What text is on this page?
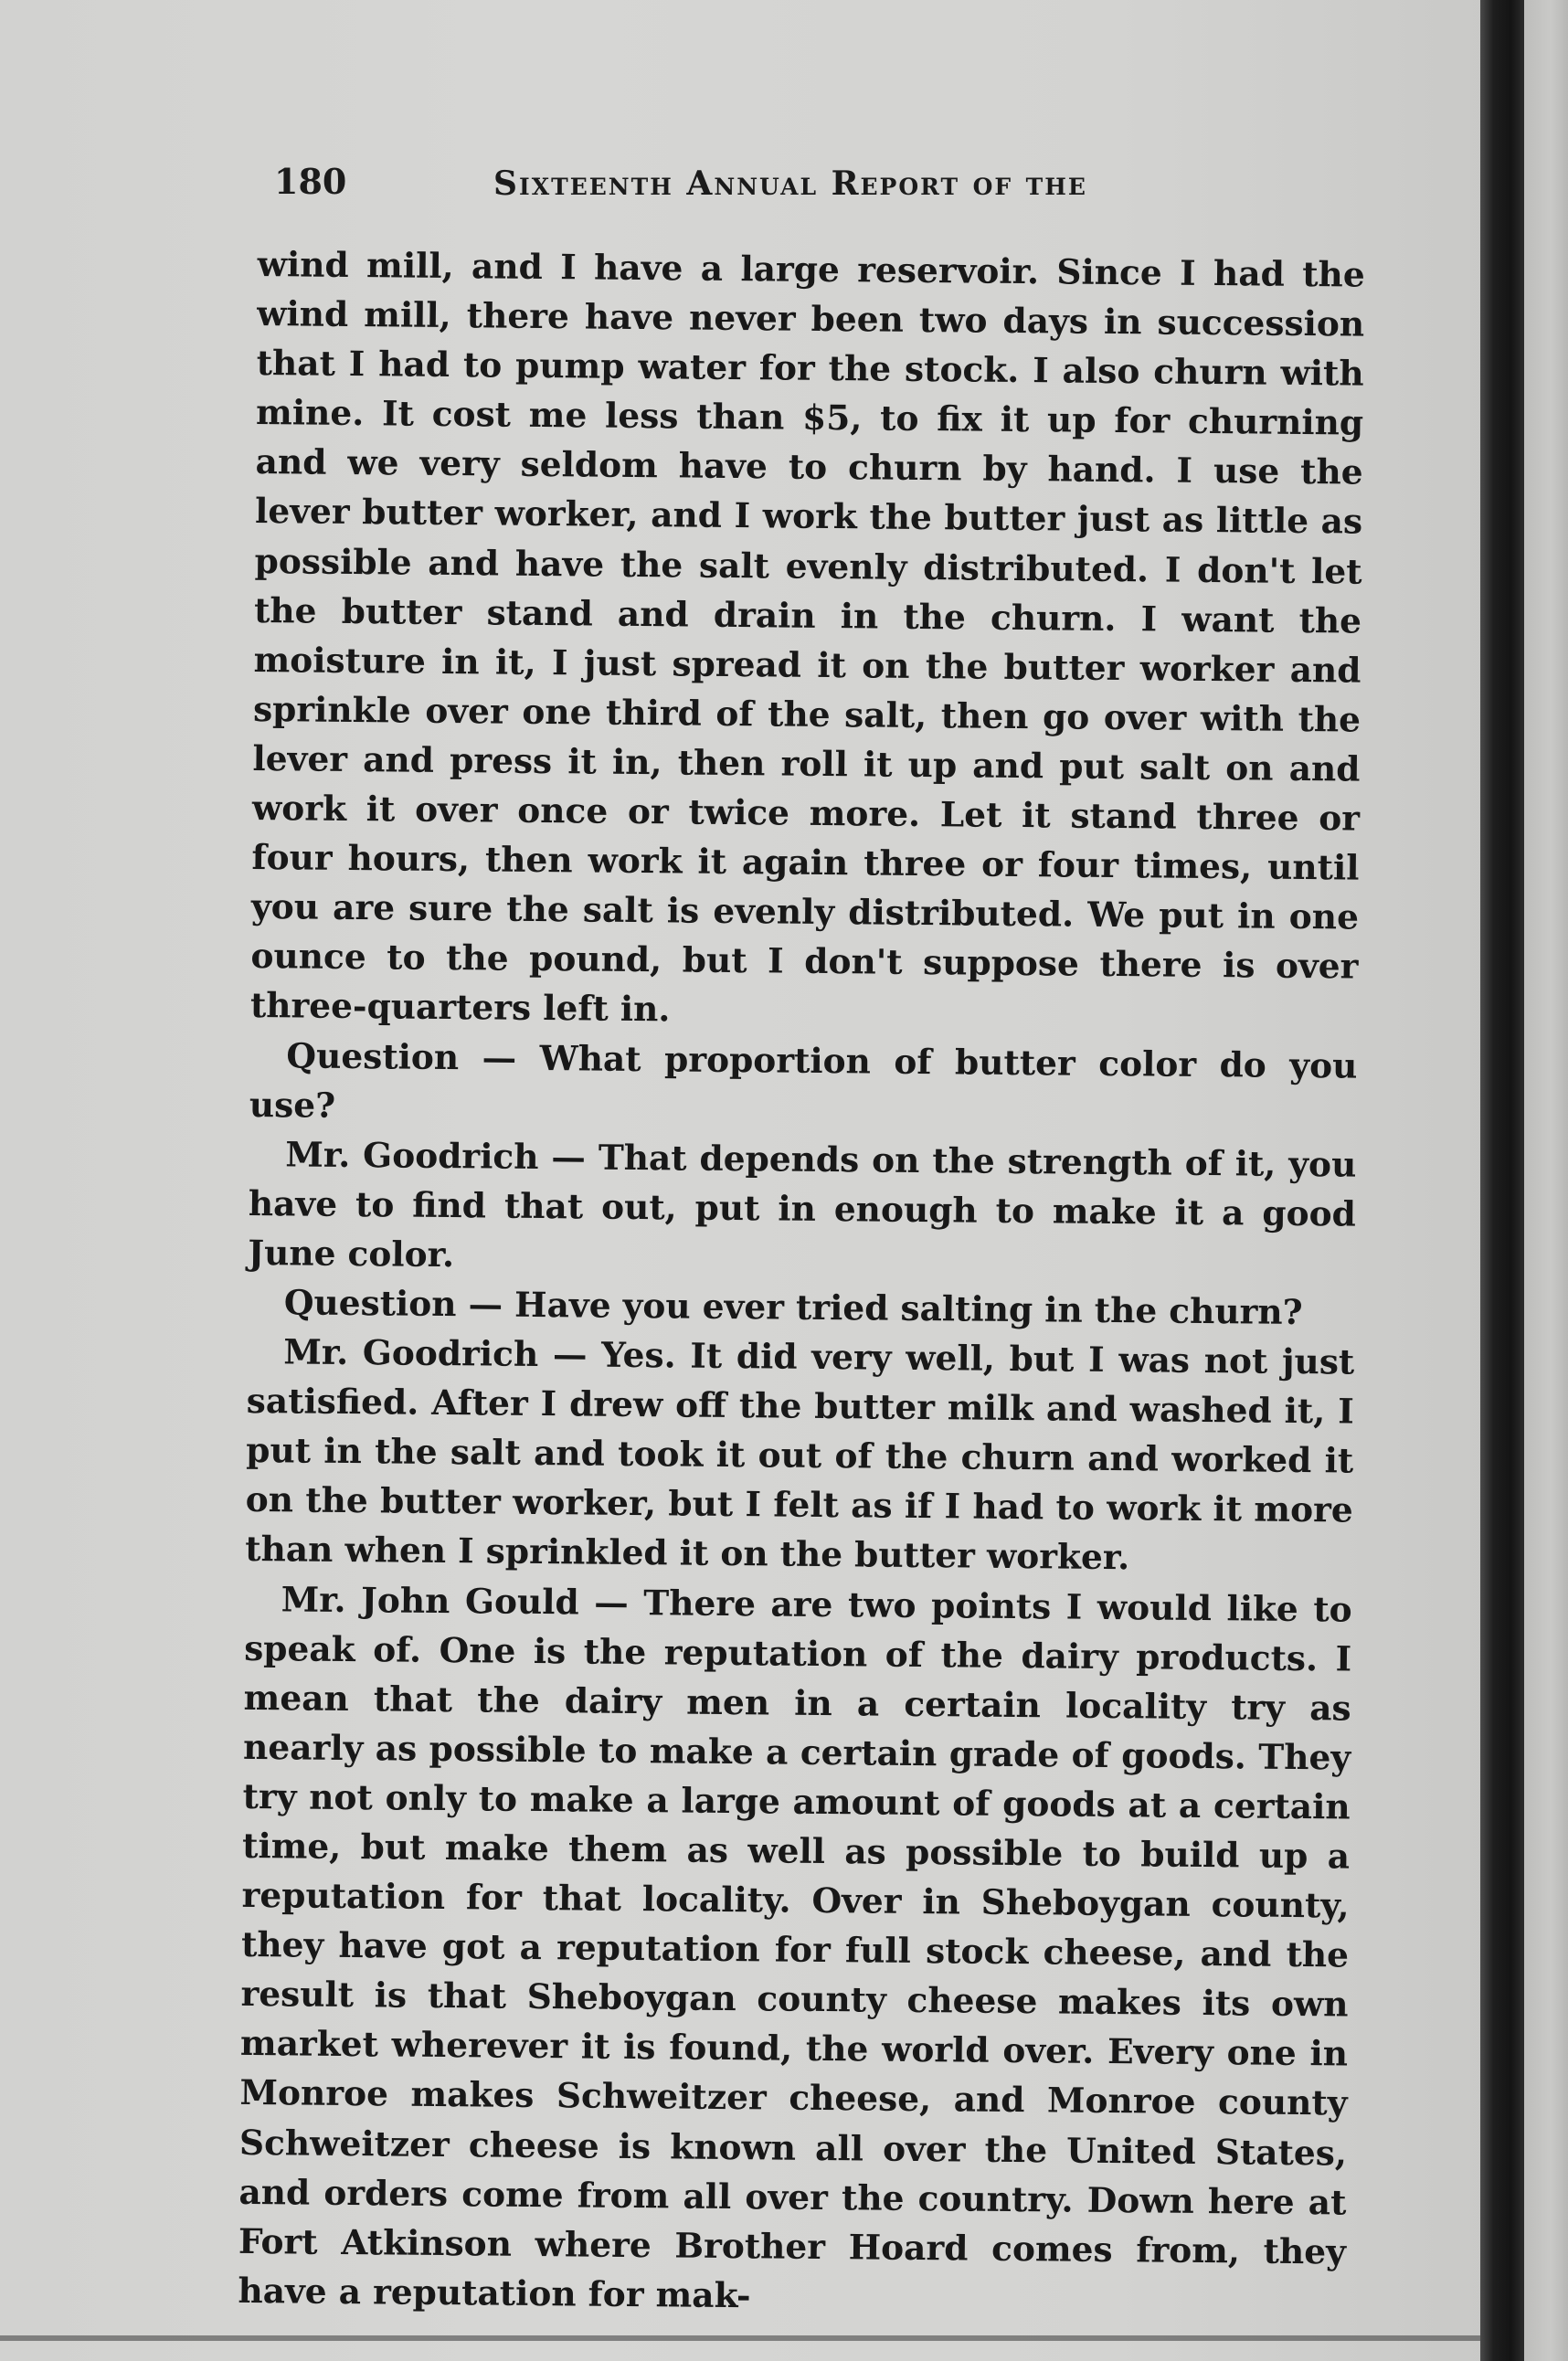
180	Sixteenth Annual Report of the

wind mill, and I have a large reservoir. Since I had the wind mill, there have never been two days in succession that I had to pump water for the stock. I also churn with mine. It cost me less than $5, to fix it up for churning and we very seldom have to churn by hand. I use the lever butter worker, and I work the butter just as little as possible and have the salt evenly distributed. I don't let the butter stand and drain in the churn. I want the moisture in it, I just spread it on the butter worker and sprinkle over one third of the salt, then go over with the lever and press it in, then roll it up and put salt on and work it over once or twice more. Let it stand three or four hours, then work it again three or four times, until you are sure the salt is evenly distributed. We put in one ounce to the pound, but I don't suppose there is over three-quarters left in.

Question — What proportion of butter color do you use?

Mr. Goodrich — That depends on the strength of it, you have to find that out, put in enough to make it a good June color.

Question — Have you ever tried salting in the churn?

Mr. Goodrich — Yes. It did very well, but I was not just satisfied. After I drew off the butter milk and washed it, I put in the salt and took it out of the churn and worked it on the butter worker, but I felt as if I had to work it more than when I sprinkled it on the butter worker.

Mr. John Gould — There are two points I would like to speak of. One is the reputation of the dairy products. I mean that the dairy men in a certain locality try as nearly as possible to make a certain grade of goods. They try not only to make a large amount of goods at a certain time, but make them as well as possible to build up a reputation for that locality. Over in Sheboygan county, they have got a reputation for full stock cheese, and the result is that Sheboygan county cheese makes its own market wherever it is found, the world over. Every one in Monroe makes Schweitzer cheese, and Monroe county Schweitzer cheese is known all over the United States, and orders come from all over the country. Down here at Fort Atkinson where Brother Hoard comes from, they have a reputation for mak-
